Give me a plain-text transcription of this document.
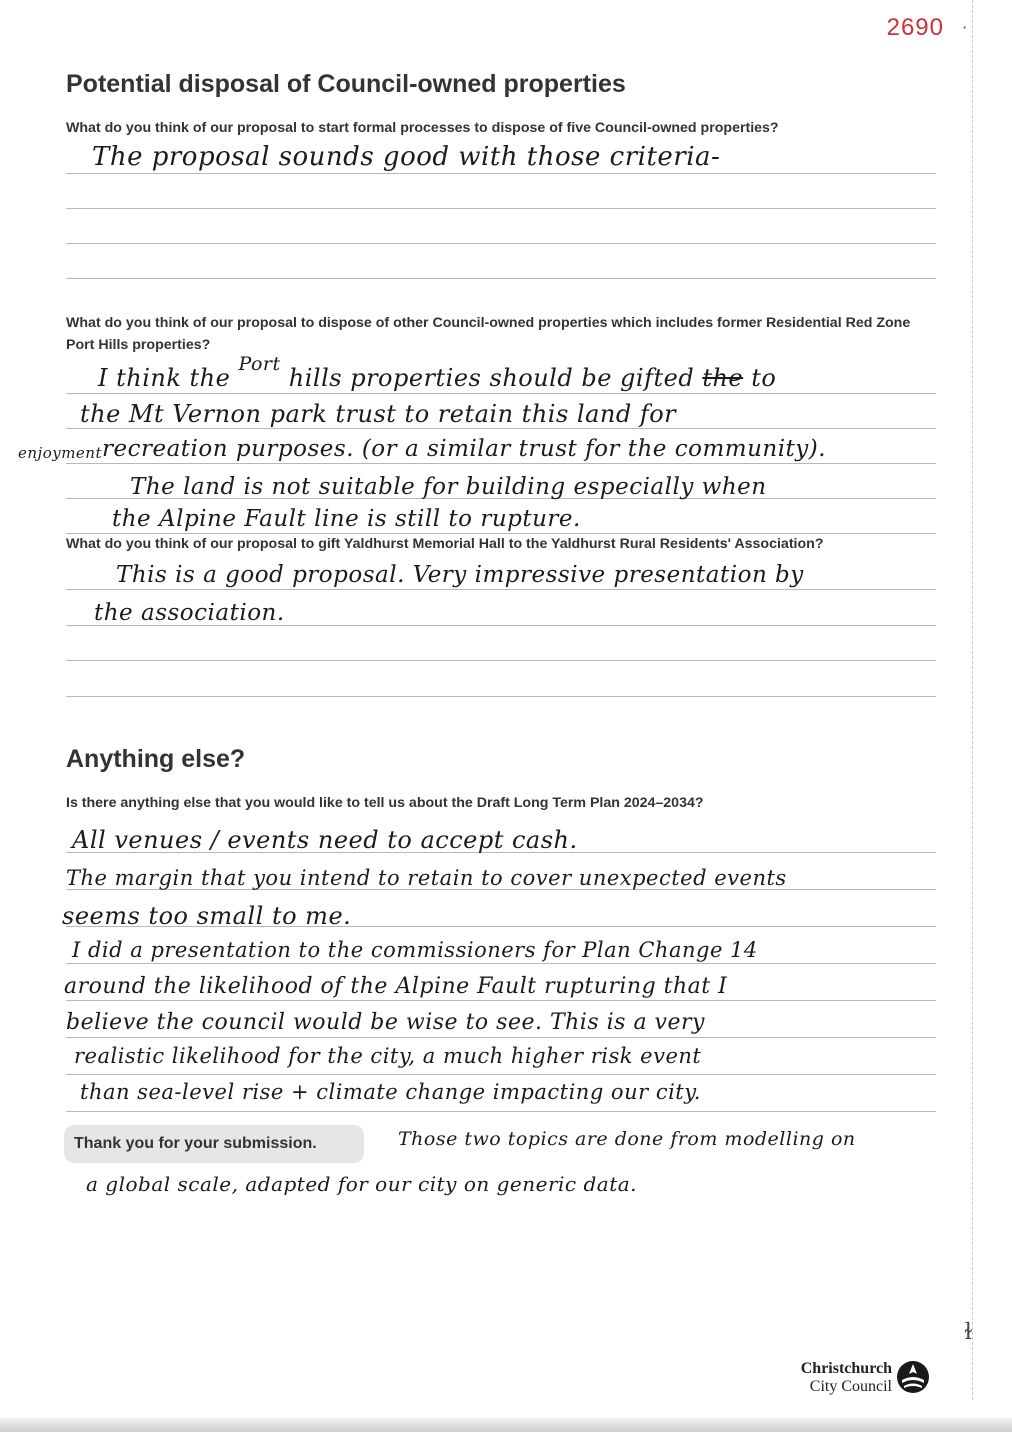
2690 ·
Potential disposal of Council-owned properties
What do you think of our proposal to start formal processes to dispose of five Council-owned properties?
The proposal sounds good with those criteria-
What do you think of our proposal to dispose of other Council-owned properties which includes former Residential Red Zone Port Hills properties?
I think the $^{Port}$ hills properties should be gifted the to
the Mt Vernon park trust to retain this land for
enjoyment recreation purposes. (or a similar trust for the community).
The land is not suitable for building especially when
the Alpine Fault line is still to rupture.
What do you think of our proposal to gift Yaldhurst Memorial Hall to the Yaldhurst Rural Residents' Association?
This is a good proposal. Very impressive presentation by
the association.
Anything else?
Is there anything else that you would like to tell us about the Draft Long Term Plan 2024–2034?
All venues / events need to accept cash.
The margin that you intend to retain to cover unexpected events
seems too small to me.
I did a presentation to the commissioners for Plan Change 14
around the likelihood of the Alpine Fault rupturing that I
believe the council would be wise to see. This is a very
realistic likelihood for the city, a much higher risk event
than sea-level rise + climate change impacting our city.
Thank you for your submission.	Those two topics are done from modelling on
a global scale, adapted for our city on generic data.
ɫ
Christchurch
City Council
